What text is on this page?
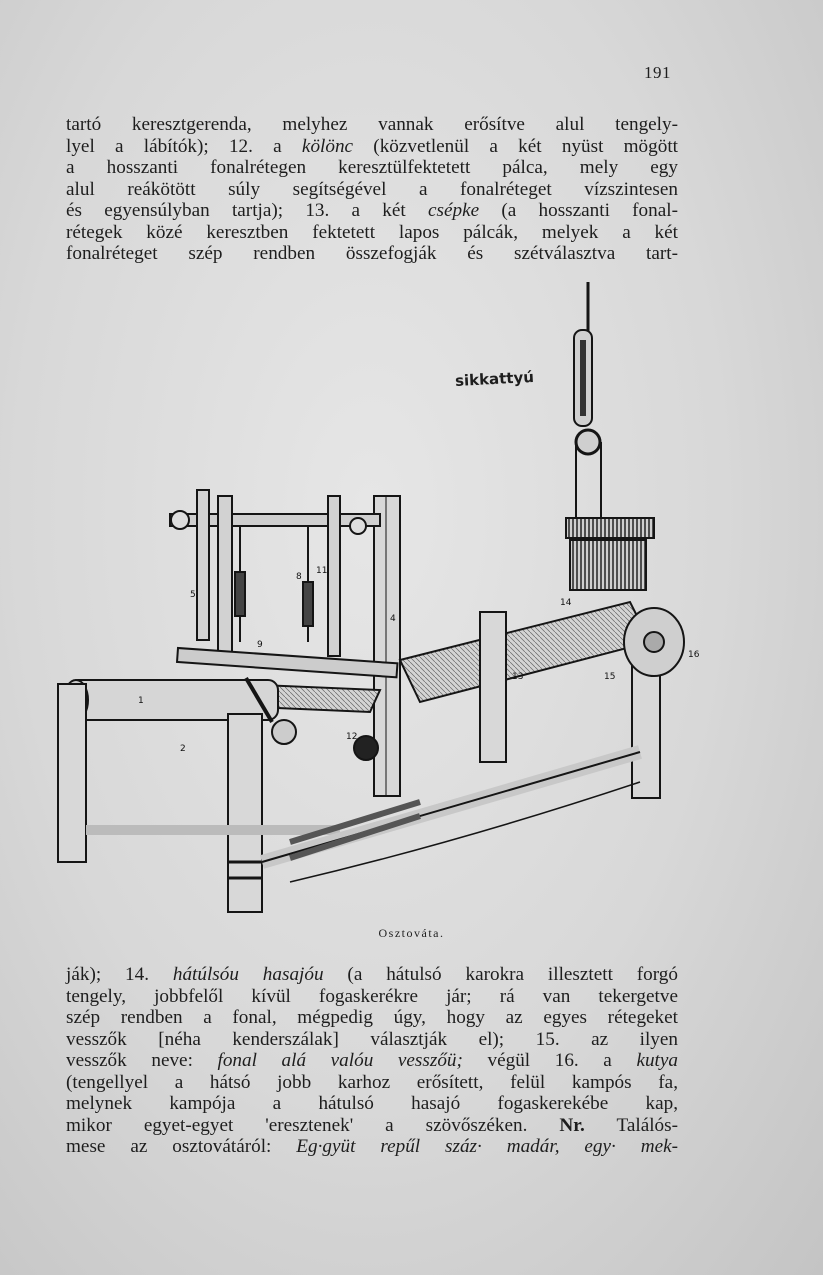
191
tartó keresztgerenda, melyhez vannak erősítve alul tengely-
lyel a lábítók); 12. a kölönc (közvetlenül a két nyüst mögött
a hosszanti fonalrétegen keresztülfektetett pálca, mely egy
alul reákötött súly segítségével a fonalréteget vízszintesen
és egyensúlyban tartja); 13. a két csépke (a hosszanti fonal-
rétegek közé keresztben fektetett lapos pálcák, melyek a két
fonalréteget szép rendben összefogják és szétválasztva tart-
sikkattyú
1
2
4
5
8
9
11
12
13
14
15
16
Osztováta.
ják); 14. hátúlsóu hasajóu (a hátulsó karokra illesztett forgó
tengely, jobbfelől kívül fogaskerékre jár; rá van tekergetve
szép rendben a fonal, mégpedig úgy, hogy az egyes rétegeket
vesszők [néha kenderszálak] választják el); 15. az ilyen
vesszők neve: fonal alá valóu vesszőü; végül 16. a kutya
(tengellyel a hátsó jobb karhoz erősített, felül kampós fa,
melynek kampója a hátulsó hasajó fogaskerekébe kap,
mikor egyet-egyet 'eresztenek' a szövőszéken. Nr. Találós-
mese az osztovátáról: Eg·gyüt repűl száz· madár, egy· mek-
